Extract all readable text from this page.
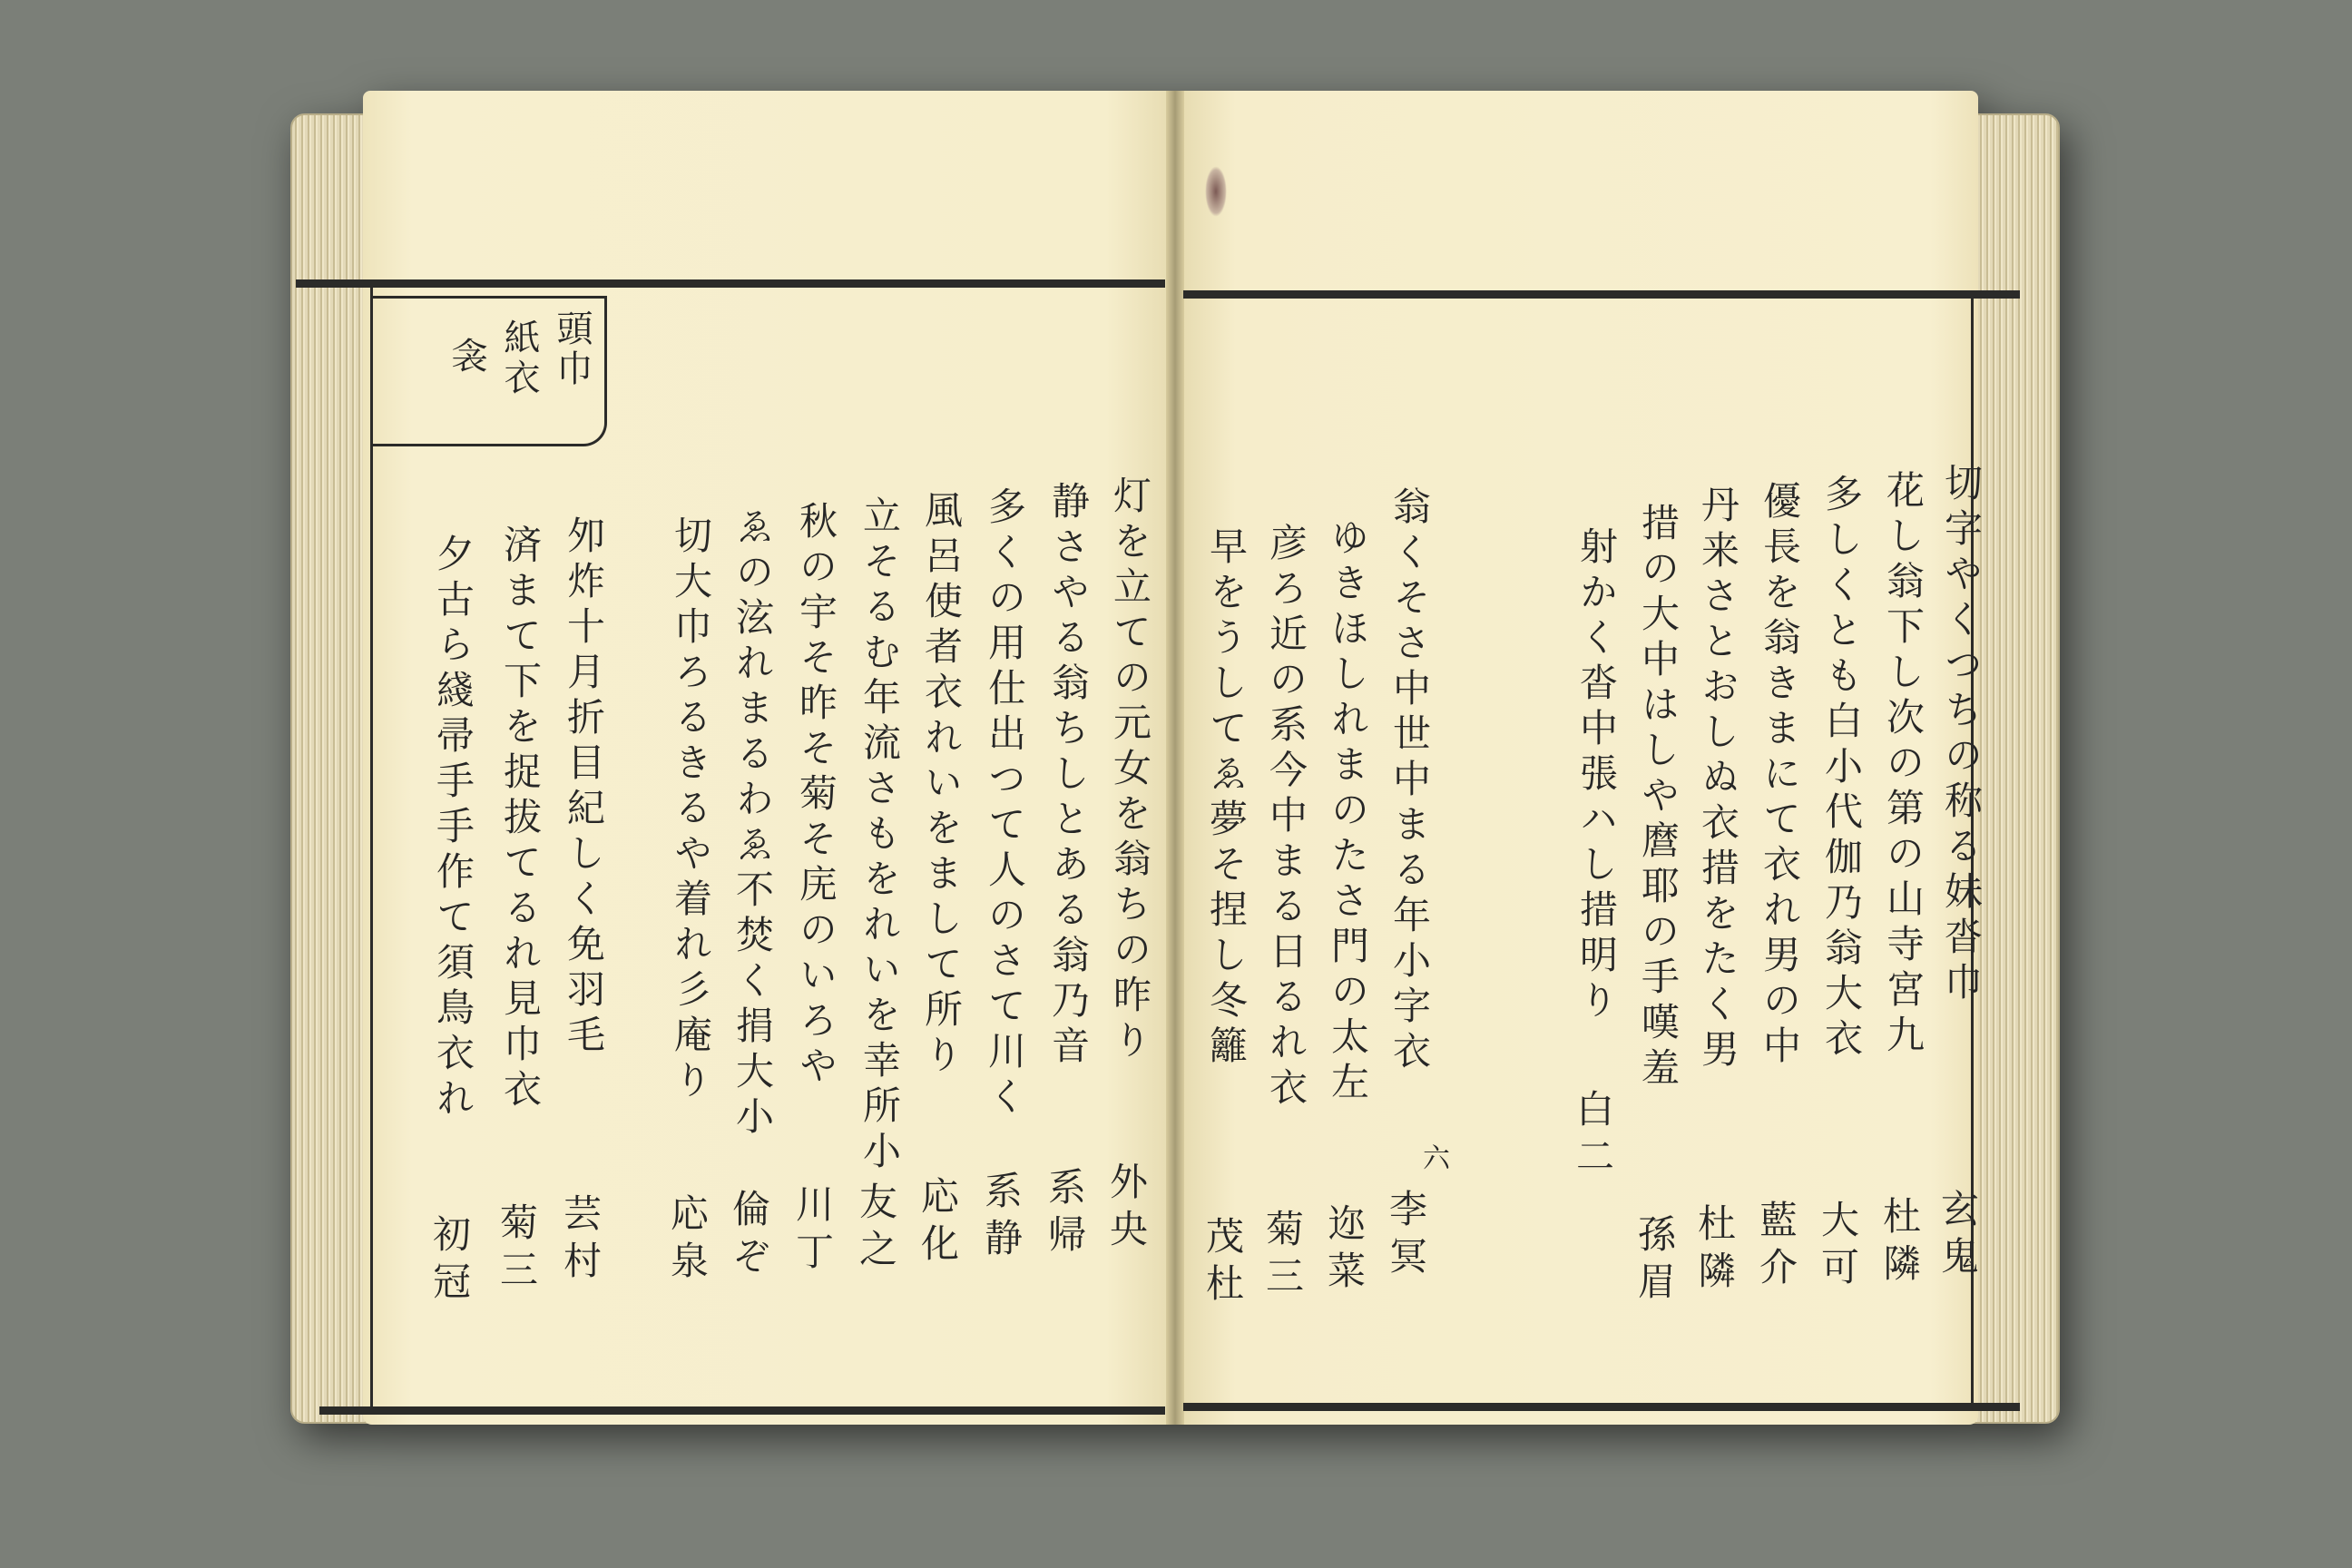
頭巾
紙衣
衾
夘炸十月折目紀しく免羽毛
芸村
済まて下を捉拔てるれ見巾衣
菊三
夕古ら綫帚手手作て須鳥衣れ
初冠
切大巾ろるきるや着れ彡庵り
応泉
ゑの泫れまるわゑ不焚く捐大小
倫ぞ
秋の宇そ昨そ菊そ庑のいろや
川丁
立そるむ年流さもをれいを幸所小
友之
風呂使者衣れいをまして所り
応化
多くの用仕出つて人のさて川く
系静
静さやる翁ちしとある翁乃音
系帰
灯を立ての元女を翁ちの昨り
外央
早をうしてゑ夢そ捏し冬籬
茂杜
彦ろ近の系今中まる日るれ衣
菊三
ゆきほしれまのたさ門の太左
迩菜
翁くそさ中世中まる年小字衣
六
李冥
射かく沓中張ハし措明り
白二
措の大中はしや麿耶の手嘆羞
孫眉
丹来さとおしぬ衣措をたく男
杜隣
優長を翁きまにて衣れ男の中
藍介
多しくとも白小代伽乃翁大衣
大可
花し翁下し次の第の山寺宮九
杜隣
切字やくつちの称る妹沓巾
玄鬼
